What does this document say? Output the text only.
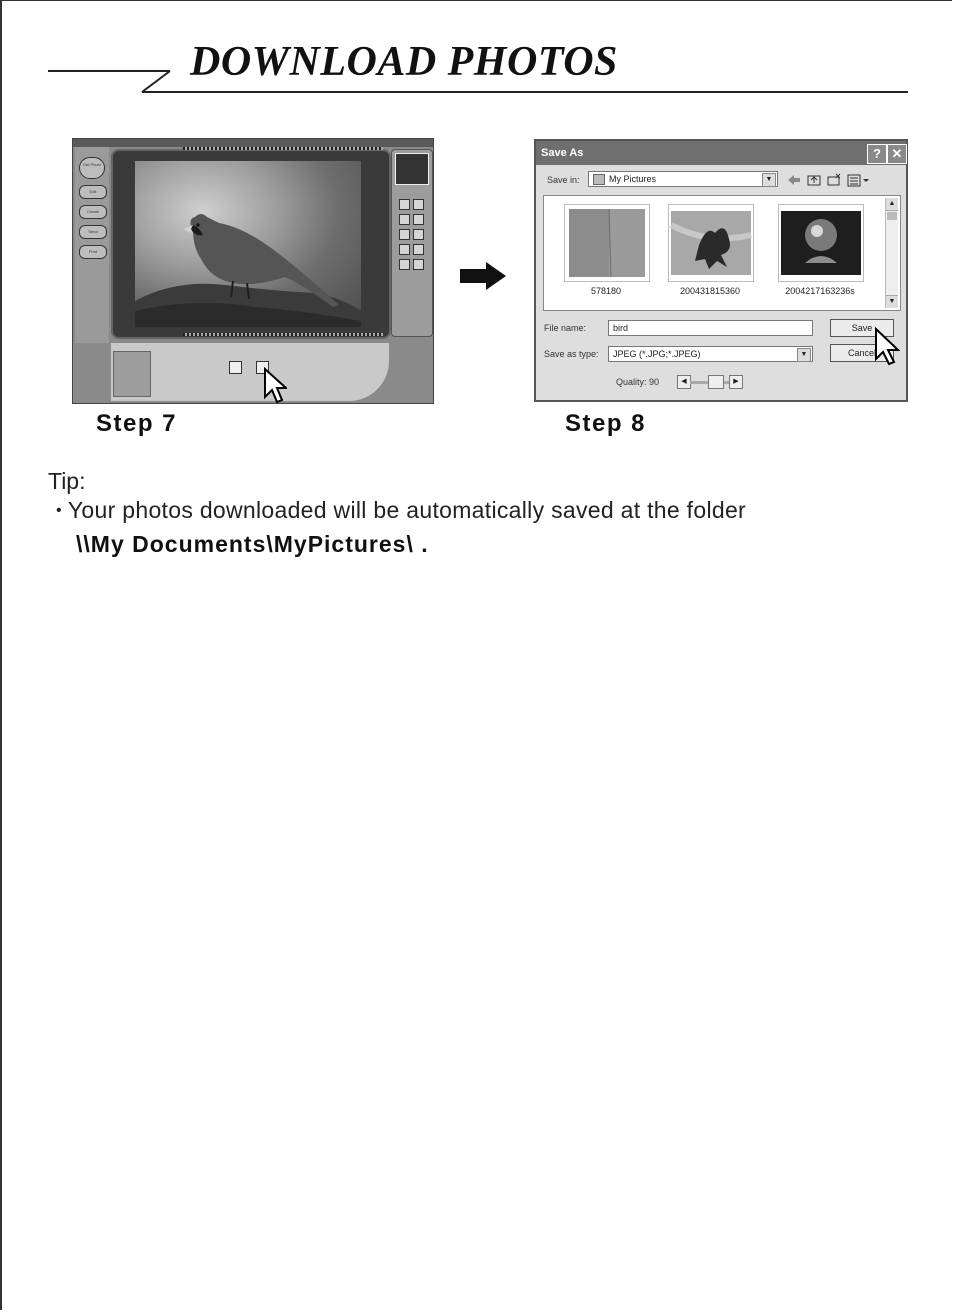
DOWNLOAD PHOTOS
Get Photo
Edit
Create
Send
Print
Save As	? ✕
Save in:	My Pictures	▼
578180	200431815360	2004217163236s
▲
▼
File name:	bird
Save as type:	JPEG (*.JPG;*.JPEG)	▼
Save
Cancel
Quality: 90	◀	▶
Step 7	Step 8
Tip:
• Your photos downloaded will be automatically saved at the folder
\\My Documents\MyPictures\ .
